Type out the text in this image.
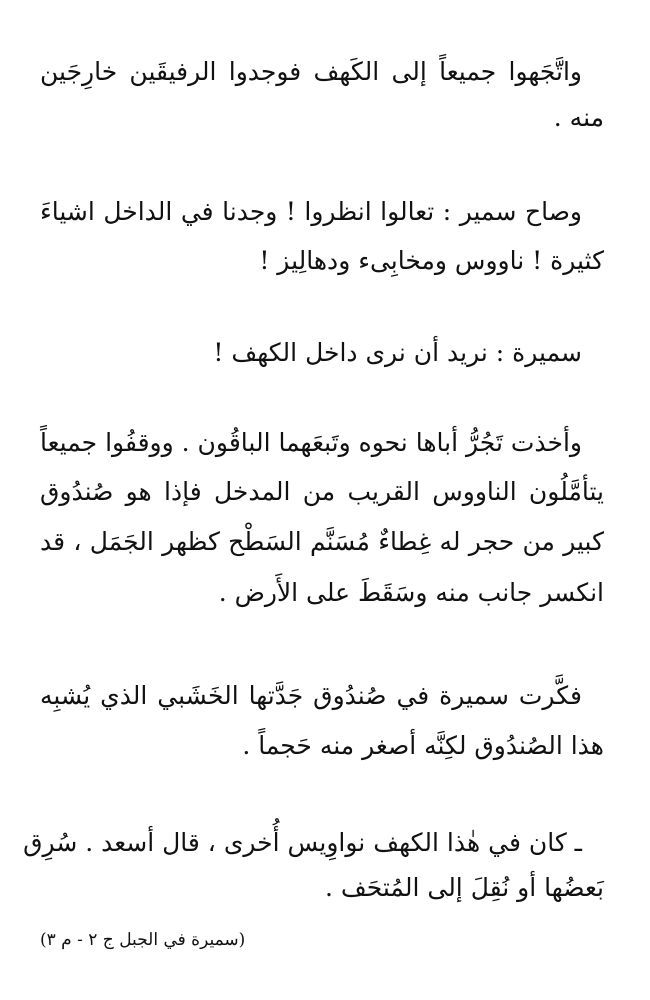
واتَّجَهوا جميعاً إلى الكَهف فوجدوا الرفيقَين خارِجَين
منه .
وصاح سمير : تعالوا انظروا ! وجدنا في الداخل اشياءَ
كثيرة ! ناووس ومخابِىء ودهالِيز !
سميرة : نريد أن نرى داخل الكهف !
وأخذت تَجُرُّ أباها نحوه وتَبعَهما الباقُون . ووقفُوا جميعاً
يتأمَّلُون الناووس القريب من المدخل فإذا هو صُندُوق
كبير من حجر له غِطاءٌ مُسَنَّم السَطْح كظهر الجَمَل ، قد
انكسر جانب منه وسَقَطَ على الأَرض .
فكَّرت سميرة في صُندُوق جَدَّتها الخَشَبي الذي يُشبِه
هذا الصُندُوق لكِنَّه أصغر منه حَجماً .
ـ كان في هٰذا الكهف نواوِيس أُخرى ، قال أسعد . سُرِق
بَعضُها أو نُقِلَ إلى المُتحَف .
(سميرة في الجبل ج ٢ - م ٣)
